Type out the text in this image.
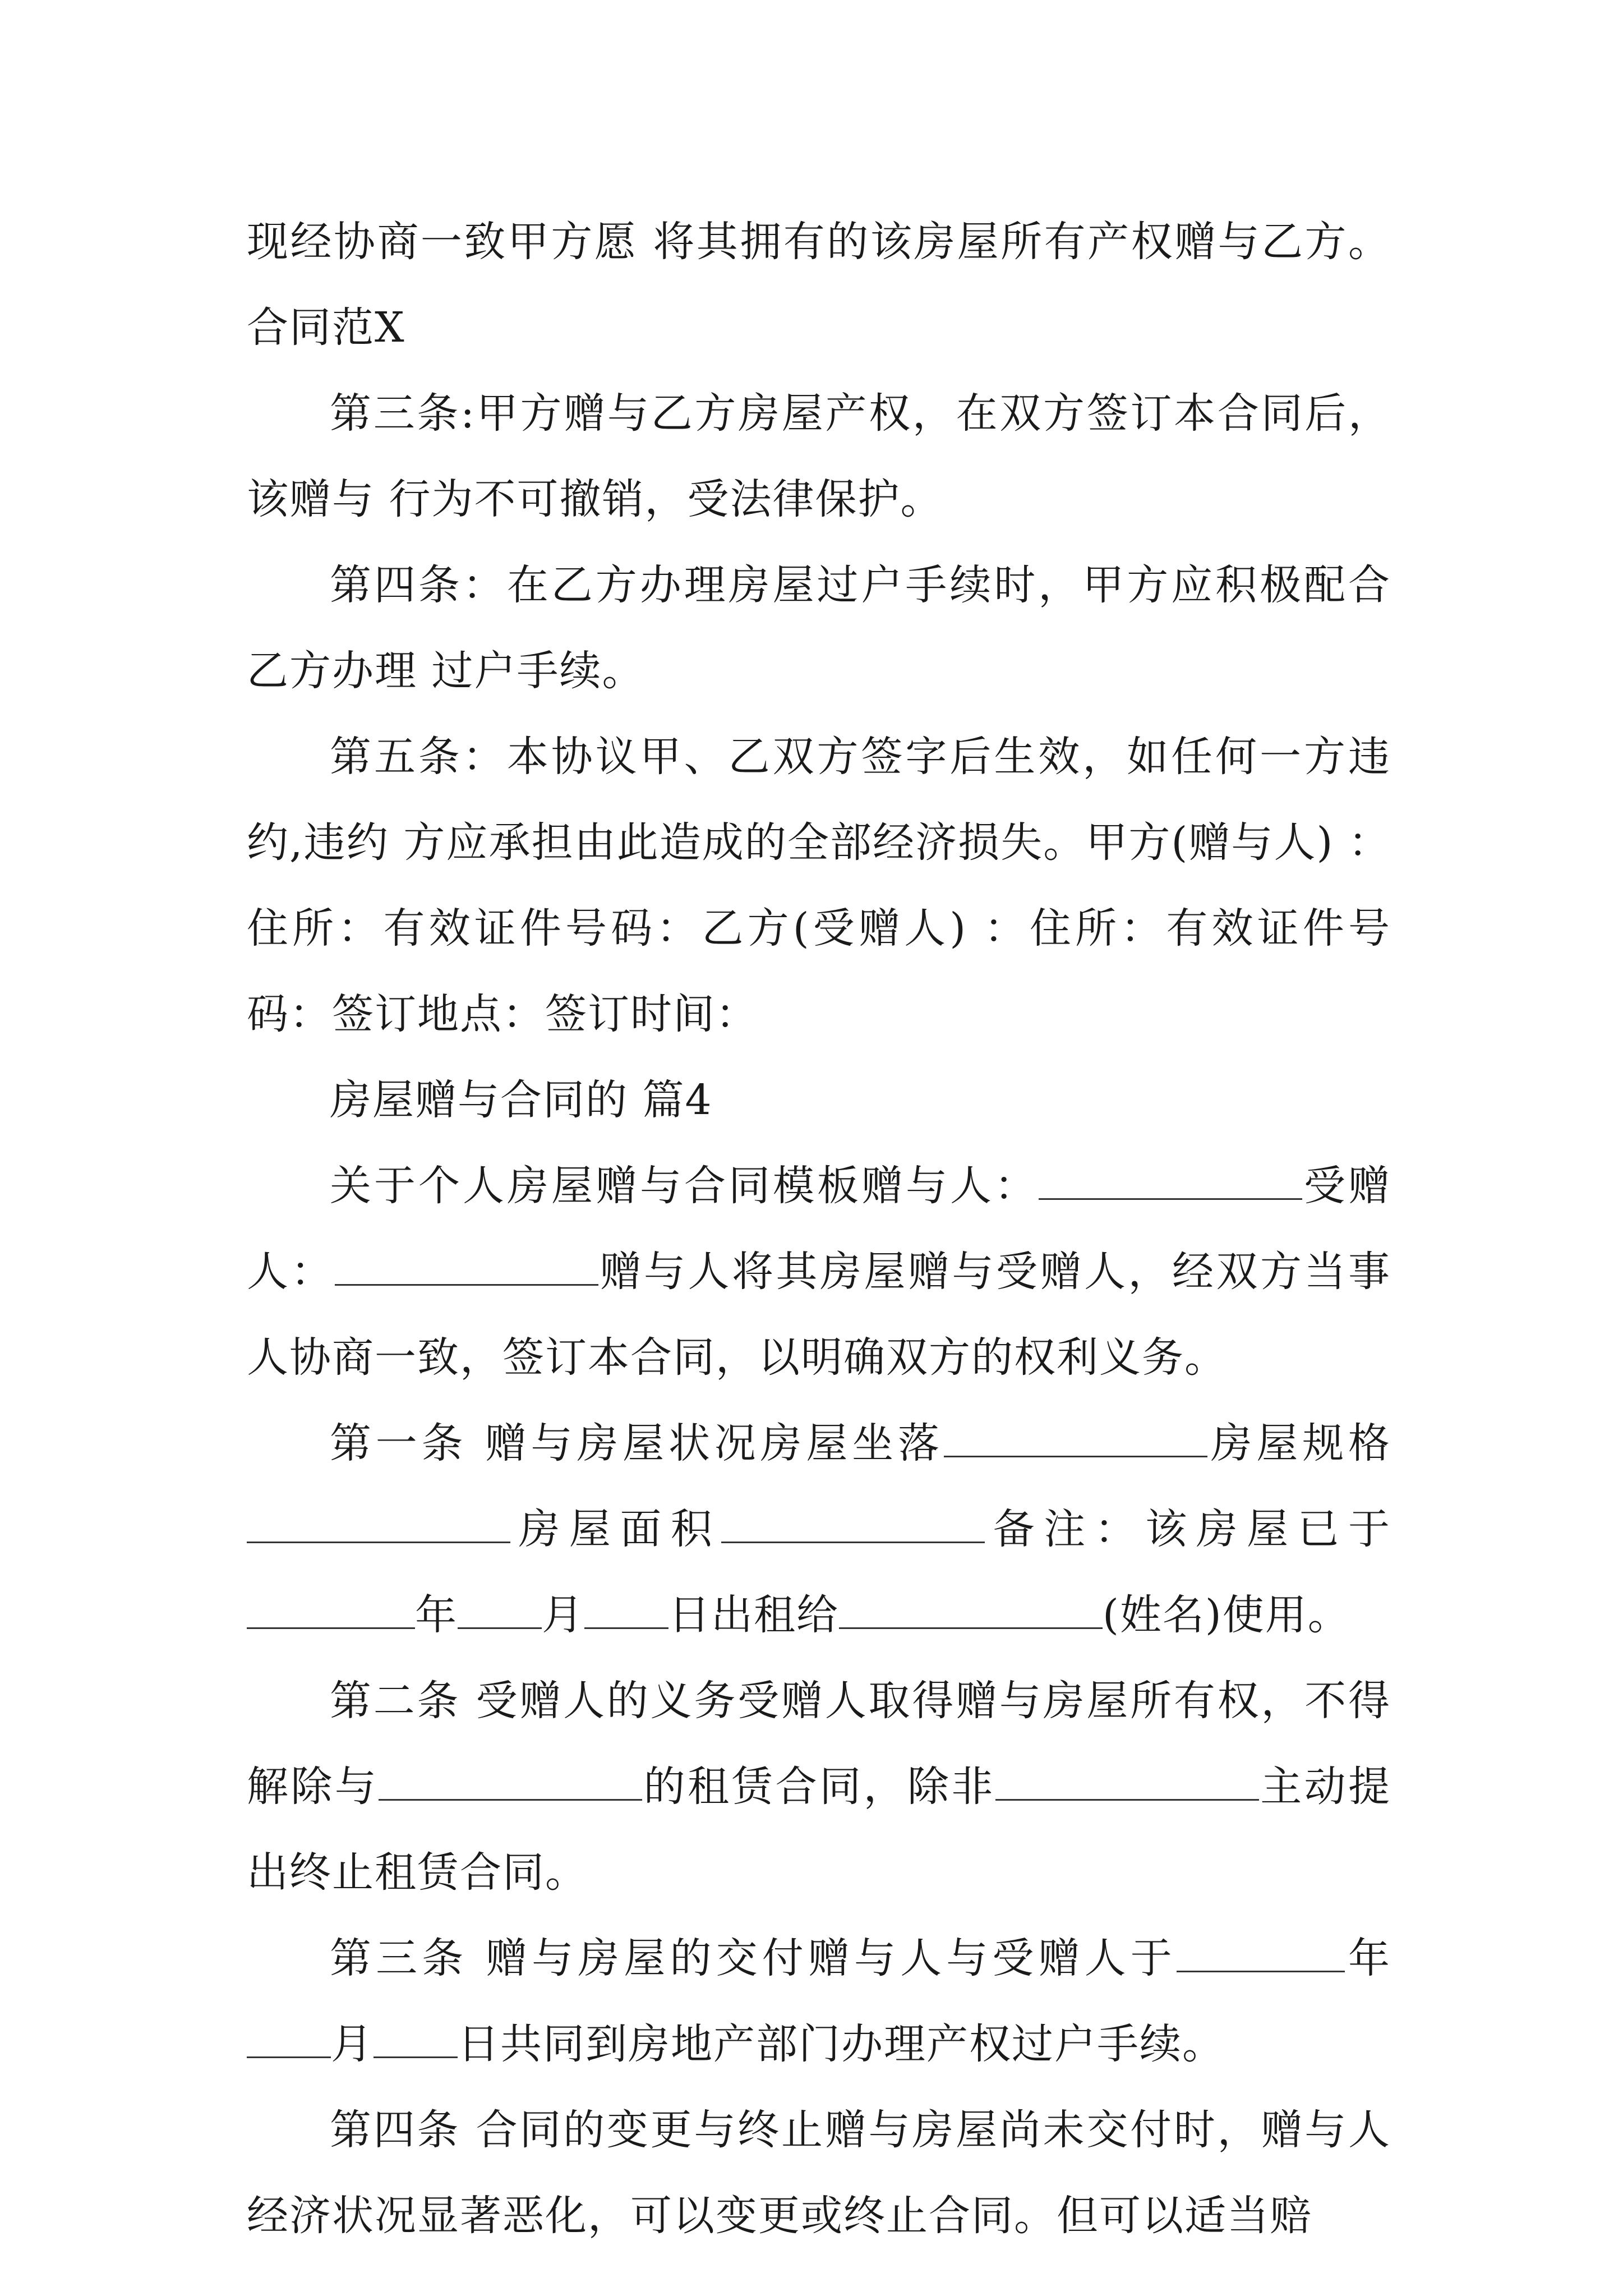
现经协商一致甲方愿 将其拥有的该房屋所有产权赠与乙方。合同范X

第三条:甲方赠与乙方房屋产权，在双方签订本合同后，该赠与 行为不可撤销，受法律保护。

第四条：在乙方办理房屋过户手续时，甲方应积极配合乙方办理 过户手续。

第五条：本协议甲、乙双方签字后生效，如任何一方违约,违约 方应承担由此造成的全部经济损失。甲方(赠与人) ：住所：有效证件号码：乙方(受赠人) ：住所：有效证件号码：签订地点：签订时间：

房屋赠与合同的 篇4

关于个人房屋赠与合同模板赠与人：	受赠人：	赠与人将其房屋赠与受赠人，经双方当事人协商一致，签订本合同，以明确双方的权利义务。

第一条 赠与房屋状况房屋坐落	房屋规格房屋面积	备注：该房屋已于年 月 日出租给	(姓名)使用。

第二条 受赠人的义务受赠人取得赠与房屋所有权，不得解除与	的租赁合同，除非	主动提出终止租赁合同。

第三条 赠与房屋的交付赠与人与受赠人于	年月 日共同到房地产部门办理产权过户手续。

第四条 合同的变更与终止赠与房屋尚未交付时，赠与人经济状况显著恶化，可以变更或终止合同。但可以适当赔
